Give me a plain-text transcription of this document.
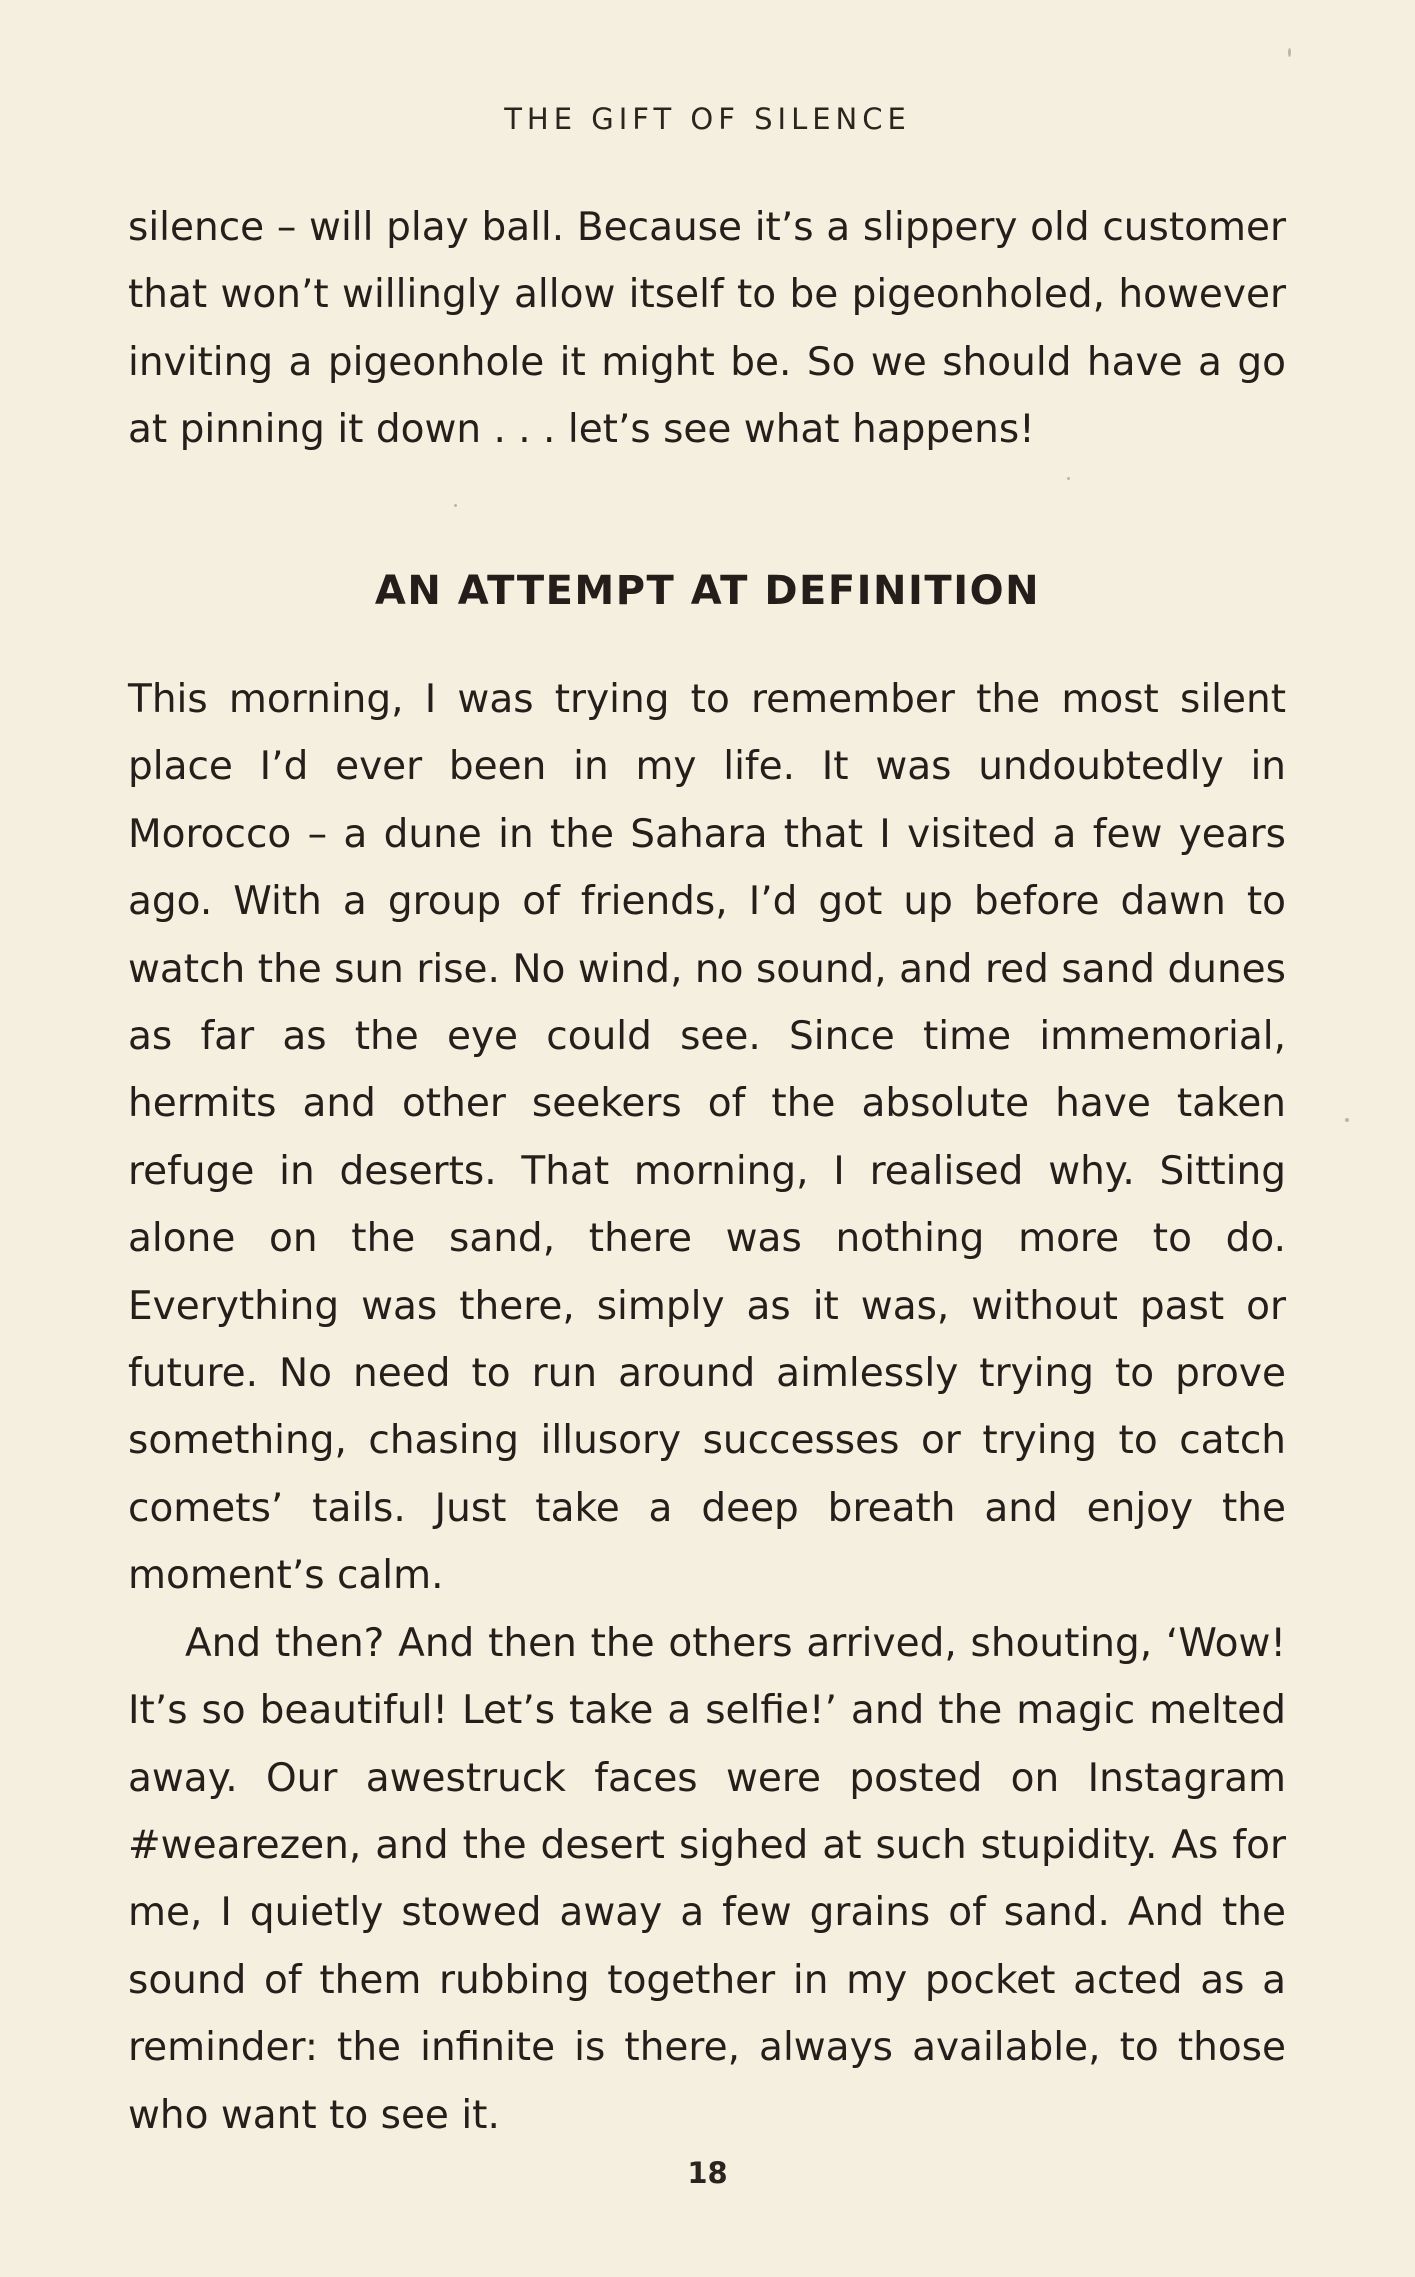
THE GIFT OF SILENCE

silence – will play ball. Because it’s a slippery old customer that won’t willingly allow itself to be pigeonholed, however inviting a pigeonhole it might be. So we should have a go at pinning it down . . . let’s see what happens!

AN ATTEMPT AT DEFINITION

This morning, I was trying to remember the most silent place I’d ever been in my life. It was undoubtedly in Morocco – a dune in the Sahara that I visited a few years ago. With a group of friends, I’d got up before dawn to watch the sun rise. No wind, no sound, and red sand dunes as far as the eye could see. Since time immemorial, hermits and other seekers of the absolute have taken refuge in deserts. That morning, I realised why. Sitting alone on the sand, there was nothing more to do. Everything was there, simply as it was, without past or future. No need to run around aimlessly trying to prove something, chasing illusory successes or trying to catch comets’ tails. Just take a deep breath and enjoy the moment’s calm.

And then? And then the others arrived, shouting, ‘Wow! It’s so beautiful! Let’s take a selfie!’ and the magic melted away. Our awestruck faces were posted on Instagram #wearezen, and the desert sighed at such stupidity. As for me, I quietly stowed away a few grains of sand. And the sound of them rubbing together in my pocket acted as a reminder: the infinite is there, always available, to those who want to see it.

18
